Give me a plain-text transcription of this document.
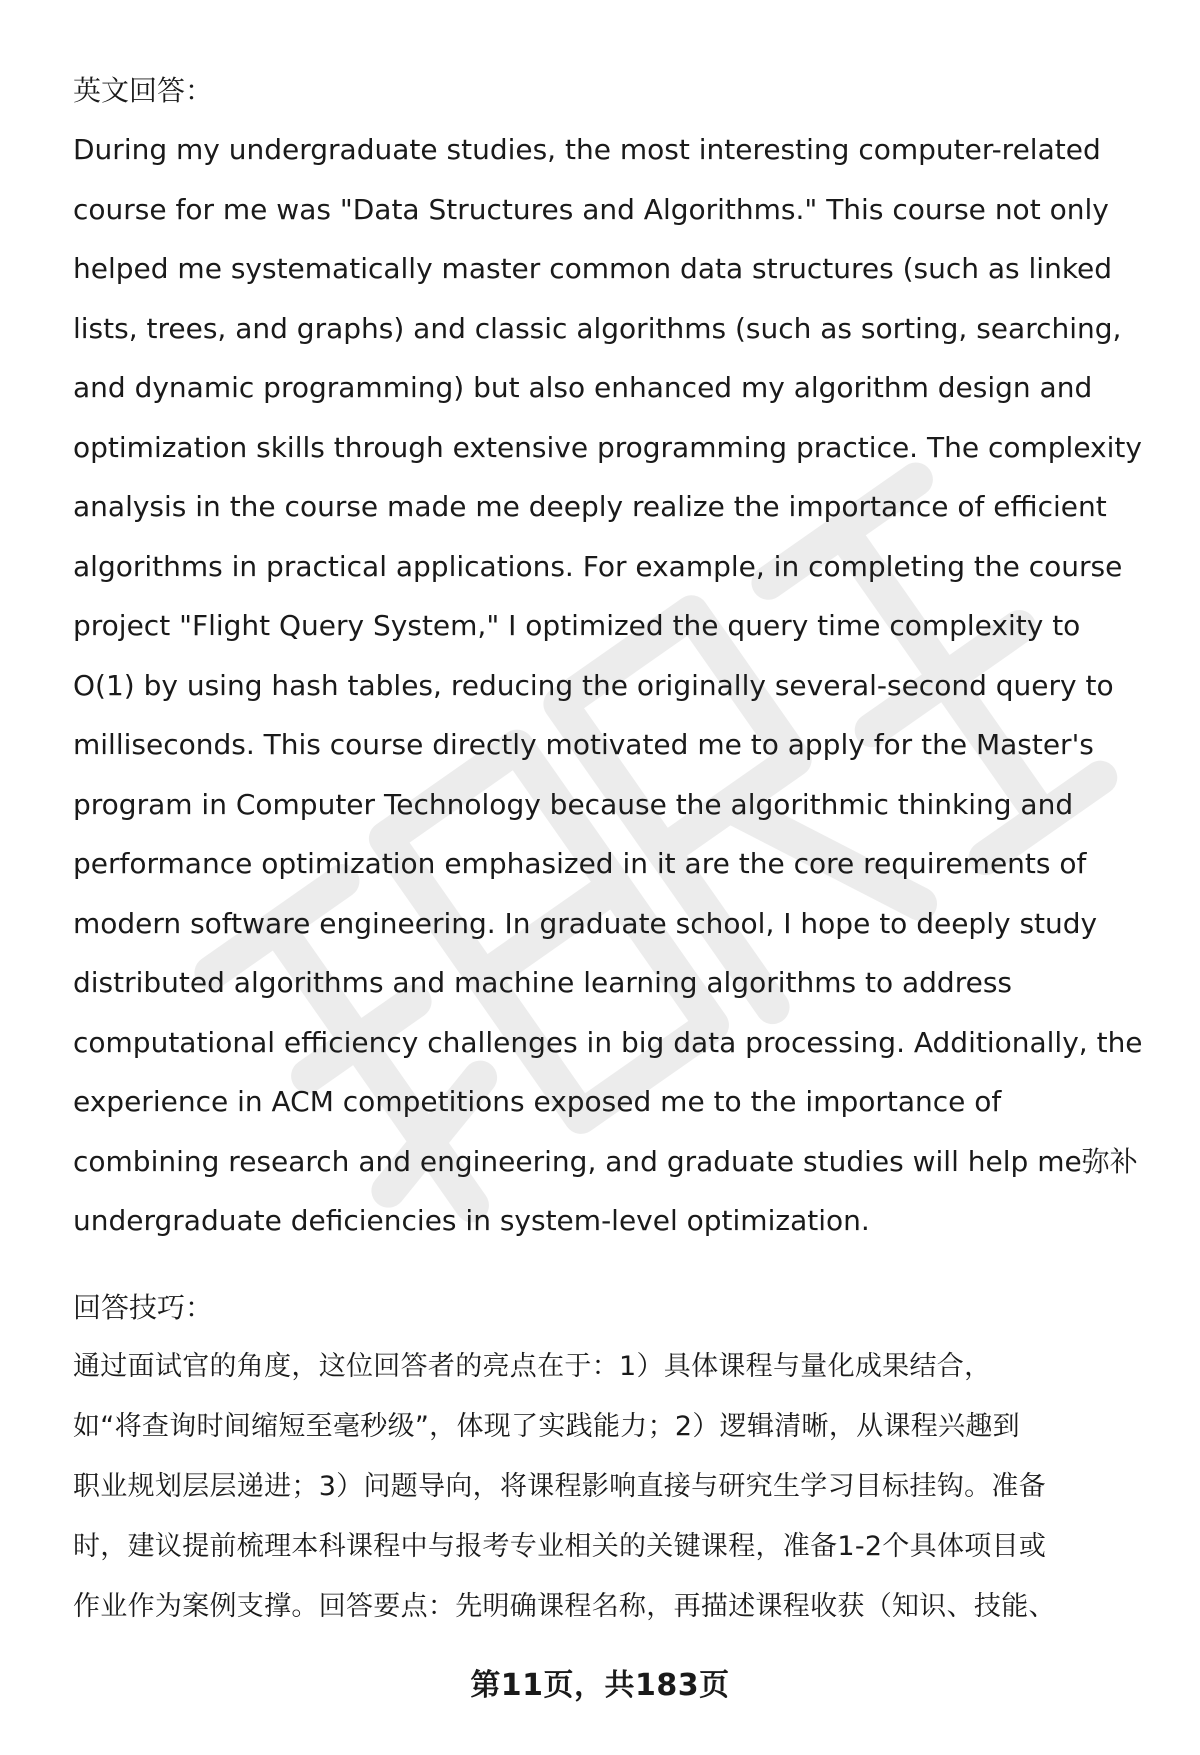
英文回答：

During my undergraduate studies, the most interesting computer-related

course for me was "Data Structures and Algorithms." This course not only

helped me systematically master common data structures (such as linked

lists, trees, and graphs) and classic algorithms (such as sorting, searching,

and dynamic programming) but also enhanced my algorithm design and

optimization skills through extensive programming practice. The complexity

analysis in the course made me deeply realize the importance of efficient

algorithms in practical applications. For example, in completing the course

project "Flight Query System," I optimized the query time complexity to

O(1) by using hash tables, reducing the originally several-second query to

milliseconds. This course directly motivated me to apply for the Master's

program in Computer Technology because the algorithmic thinking and

performance optimization emphasized in it are the core requirements of

modern software engineering. In graduate school, I hope to deeply study

distributed algorithms and machine learning algorithms to address

computational efficiency challenges in big data processing. Additionally, the

experience in ACM competitions exposed me to the importance of

combining research and engineering, and graduate studies will help me弥补

undergraduate deficiencies in system-level optimization.

回答技巧：

通过面试官的角度，这位回答者的亮点在于：1）具体课程与量化成果结合，

如“将查询时间缩短至毫秒级”，体现了实践能力；2）逻辑清晰，从课程兴趣到

职业规划层层递进；3）问题导向，将课程影响直接与研究生学习目标挂钩。准备

时，建议提前梳理本科课程中与报考专业相关的关键课程，准备1-2个具体项目或

作业作为案例支撑。回答要点：先明确课程名称，再描述课程收获（知识、技能、

第11页，共183页
